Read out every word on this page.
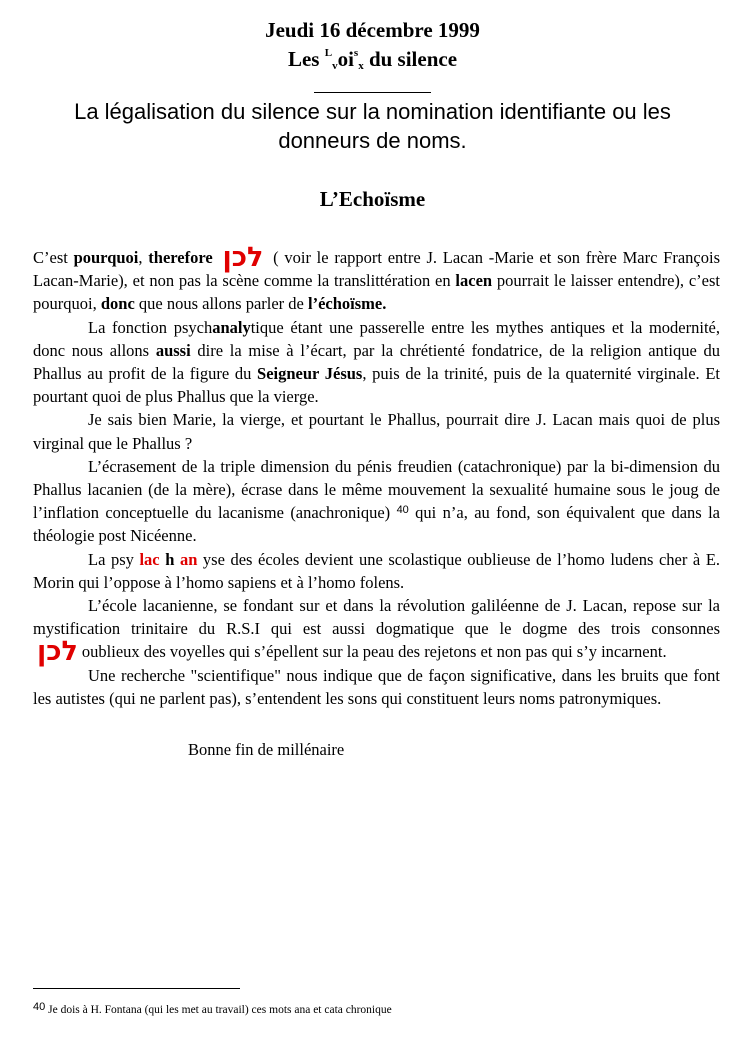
Jeudi 16 décembre 1999
Les $^L_voi^s_x$ du silence
La légalisation du silence sur la nomination identifiante ou les donneurs de noms.
L’Echoïsme

C’est pourquoi, therefore לכן ( voir le rapport entre J. Lacan -Marie et son frère Marc François Lacan-Marie), et non pas la scène comme la translittération en lacen pourrait le laisser entendre), c’est pourquoi, donc que nous allons parler de l’échoïsme.

La fonction psychanalytique étant une passerelle entre les mythes antiques et la modernité, donc nous allons aussi dire la mise à l’écart, par la chrétienté fondatrice, de la religion antique du Phallus au profit de la figure du Seigneur Jésus, puis de la trinité, puis de la quaternité virginale. Et pourtant quoi de plus Phallus que la vierge.

Je sais bien Marie, la vierge, et pourtant le Phallus, pourrait dire J. Lacan mais quoi de plus virginal que le Phallus ?

L’écrasement de la triple dimension du pénis freudien (catachronique) par la bi-dimension du Phallus lacanien (de la mère), écrase dans le même mouvement la sexualité humaine sous le joug de l’inflation conceptuelle du lacanisme (anachronique) $^{40}$ qui n’a, au fond, son équivalent que dans la théologie post Nicéenne.

La psy lac h an yse des écoles devient une scolastique oublieuse de l’homo ludens cher à E. Morin qui l’oppose à l’homo sapiens et à l’homo folens.

L’école lacanienne, se fondant sur et dans la révolution galiléenne de J. Lacan, repose sur la mystification trinitaire du R.S.I qui est aussi dogmatique que le dogme des trois consonnes לכן oublieux des voyelles qui s’épellent sur la peau des rejetons et non pas qui s’y incarnent.

Une recherche "scientifique" nous indique que de façon significative, dans les bruits que font les autistes (qui ne parlent pas), s’entendent les sons qui constituent leurs noms patronymiques.

Bonne fin de millénaire

40 Je dois à H. Fontana (qui les met au travail) ces mots ana et cata chronique
